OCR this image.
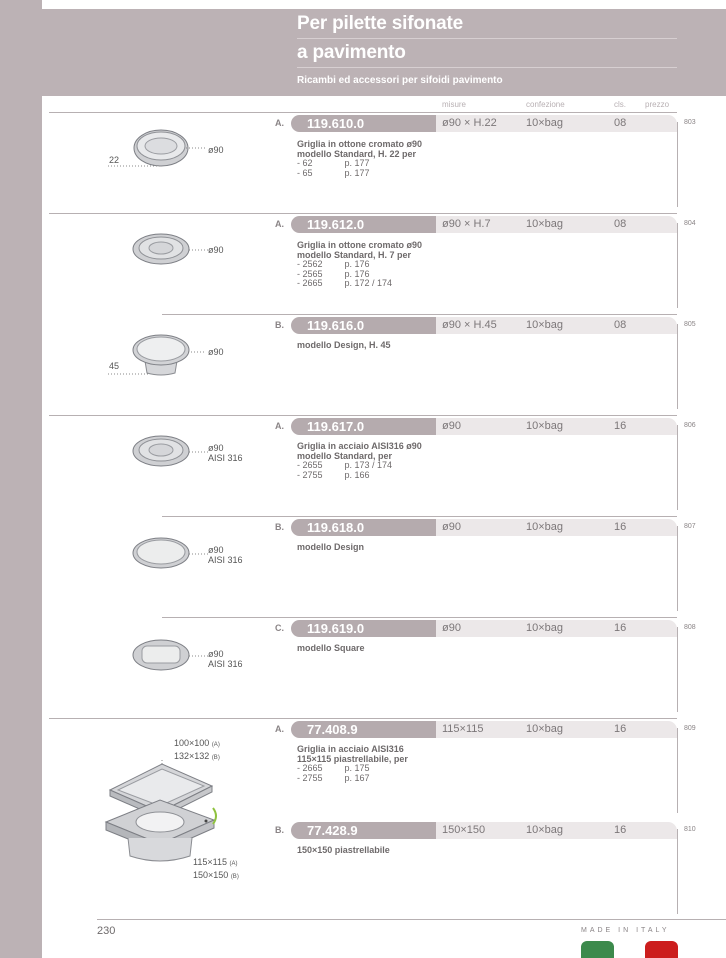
Per pilette sifonate
a pavimento
Ricambi ed accessori per sifoidi pavimento
misure	confezione	cls. prezzo
A.	119.610.0	ø90 × H.22	10×bag	08	803
Griglia in ottone cromato ø90
modello Standard, H. 22 per
- 62	p. 177
- 65	p. 177
ø90
22
A.	119.612.0	ø90 × H.7	10×bag	08	804
Griglia in ottone cromato ø90
modello Standard, H. 7 per
- 2562 p. 176
- 2565 p. 176
- 2665 p. 172 / 174
ø90
B.	119.616.0	ø90 × H.45	10×bag	08	805
modello Design, H. 45
ø90
45
A.	119.617.0	ø90	10×bag	16	806
Griglia in acciaio AISI316 ø90
modello Standard, per
- 2655 p. 173 / 174
- 2755 p. 166
ø90
AISI 316
B.	119.618.0	ø90	10×bag	16	807
modello Design
ø90
AISI 316
C.	119.619.0	ø90	10×bag	16	808
modello Square
ø90
AISI 316
A.	77.408.9	115×115	10×bag	16	809
Griglia in acciaio AISI316
115×115 piastrellabile, per
- 2665 p. 175
- 2755 p. 167
B.	77.428.9	150×150	10×bag	16	810
150×150 piastrellabile
100×100 (A)
132×132 (B)
115×115 (A)
150×150 (B)
230	MADE IN ITALY
